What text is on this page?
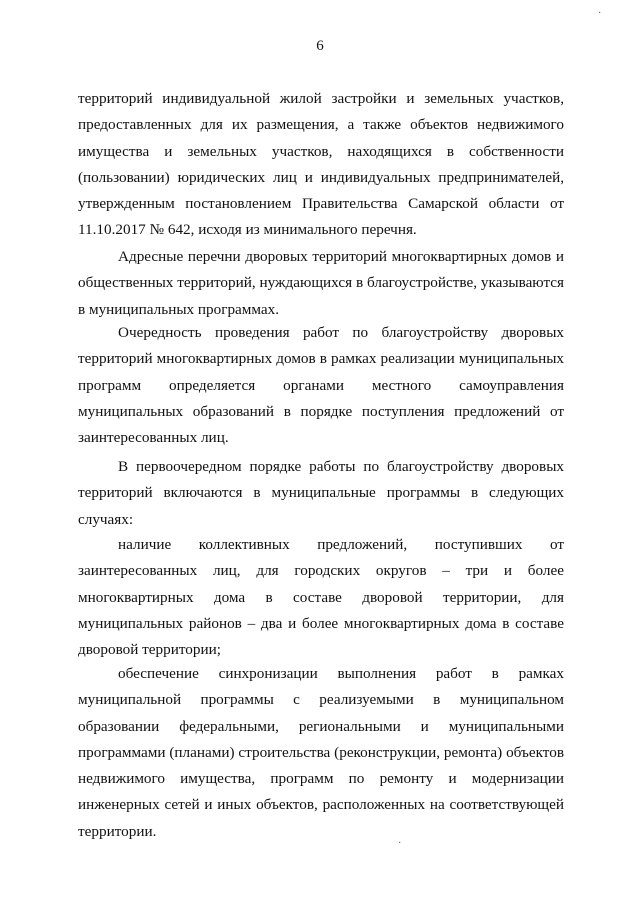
6
территорий индивидуальной жилой застройки и земельных участков,
предоставленных для их размещения, а также объектов недвижимого
имущества и земельных участков, находящихся в собственности
(пользовании) юридических лиц и индивидуальных предпринимателей,
утвержденным постановлением Правительства Самарской области от
11.10.2017 № 642, исходя из минимального перечня.
Адресные перечни дворовых территорий многоквартирных домов и
общественных территорий, нуждающихся в благоустройстве, указываются
в муниципальных программах.
Очередность проведения работ по благоустройству дворовых
территорий многоквартирных домов в рамках реализации муниципальных
программ определяется органами местного самоуправления
муниципальных образований в порядке поступления предложений от
заинтересованных лиц.
В первоочередном порядке работы по благоустройству дворовых
территорий включаются в муниципальные программы в следующих
случаях:
наличие коллективных предложений, поступивших от
заинтересованных лиц, для городских округов – три и более
многоквартирных дома в составе дворовой территории, для
муниципальных районов – два и более многоквартирных дома в составе
дворовой территории;
обеспечение синхронизации выполнения работ в рамках
муниципальной программы с реализуемыми в муниципальном
образовании федеральными, региональными и муниципальными
программами (планами) строительства (реконструкции, ремонта) объектов
недвижимого имущества, программ по ремонту и модернизации
инженерных сетей и иных объектов, расположенных на соответствующей
территории.
·
·
